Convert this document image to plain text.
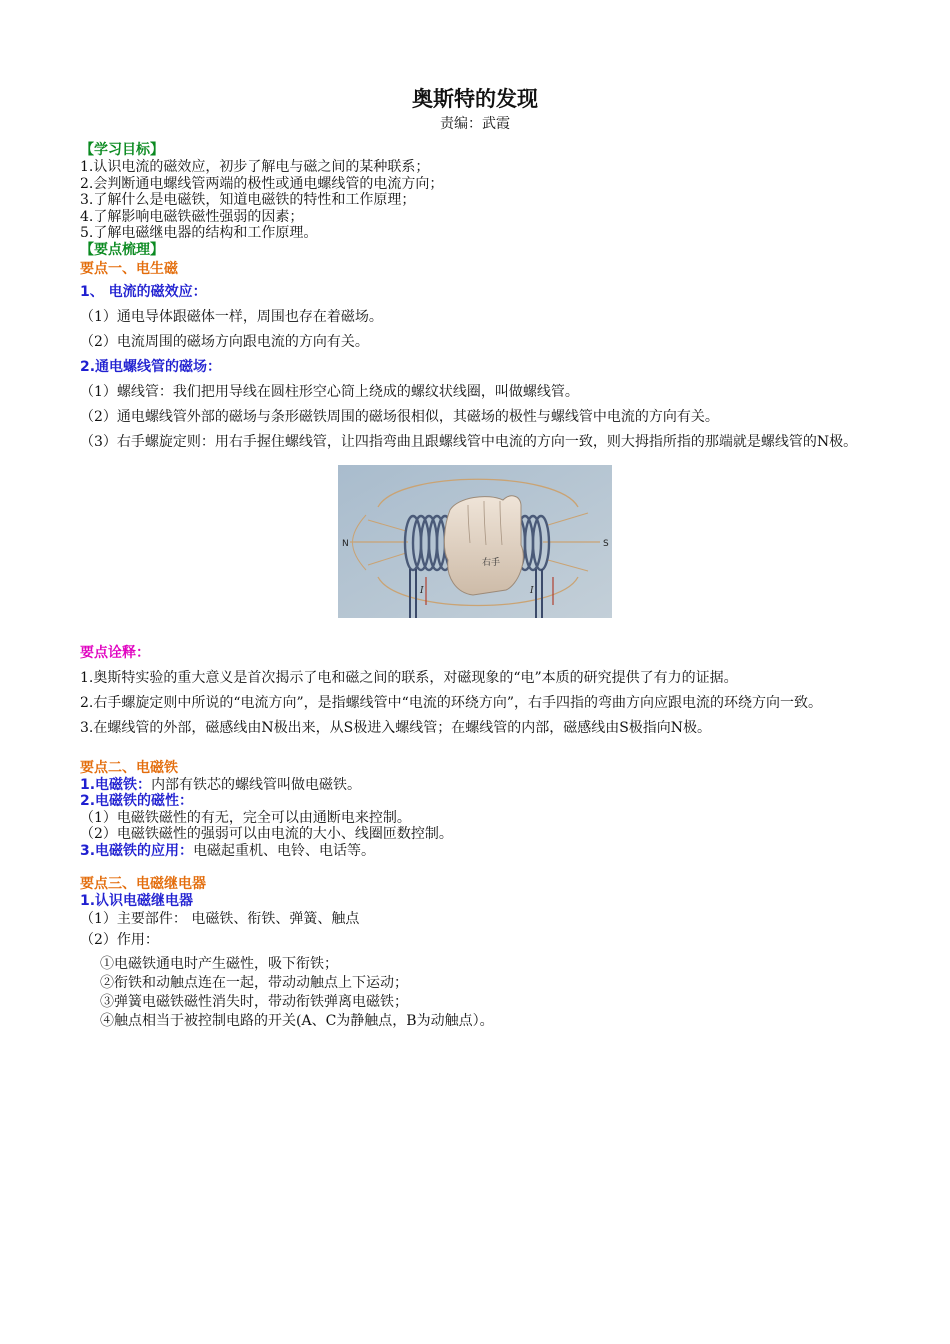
奥斯特的发现
责编：武霞
【学习目标】

1.认识电流的磁效应，初步了解电与磁之间的某种联系；

2.会判断通电螺线管两端的极性或通电螺线管的电流方向；

3.了解什么是电磁铁，知道电磁铁的特性和工作原理；

4.了解影响电磁铁磁性强弱的因素；

5.了解电磁继电器的结构和工作原理。

【要点梳理】
要点一、电生磁
1、 电流的磁效应：

（1）通电导体跟磁体一样，周围也存在着磁场。

（2）电流周围的磁场方向跟电流的方向有关。

2.通电螺线管的磁场：

（1）螺线管：我们把用导线在圆柱形空心筒上绕成的螺纹状线圈，叫做螺线管。

（2）通电螺线管外部的磁场与条形磁铁周围的磁场很相似，其磁场的极性与螺线管中电流的方向有关。

（3）右手螺旋定则：用右手握住螺线管，让四指弯曲且跟螺线管中电流的方向一致，则大拇指所指的那端就是螺线管的N极。

N	S
右手
I	I
要点诠释：

1.奥斯特实验的重大意义是首次揭示了电和磁之间的联系，对磁现象的“电”本质的研究提供了有力的证据。

2.右手螺旋定则中所说的“电流方向”，是指螺线管中“电流的环绕方向”，右手四指的弯曲方向应跟电流的环绕方向一致。

3.在螺线管的外部，磁感线由N极出来，从S极进入螺线管；在螺线管的内部，磁感线由S极指向N极。

要点二、电磁铁

1.电磁铁：内部有铁芯的螺线管叫做电磁铁。

2.电磁铁的磁性：

（1）电磁铁磁性的有无，完全可以由通断电来控制。

（2）电磁铁磁性的强弱可以由电流的大小、线圈匝数控制。

3.电磁铁的应用：电磁起重机、电铃、电话等。

要点三、电磁继电器
1.认识电磁继电器

（1）主要部件： 电磁铁、衔铁、弹簧、触点

（2）作用：

①电磁铁通电时产生磁性，吸下衔铁；

②衔铁和动触点连在一起，带动动触点上下运动；

③弹簧电磁铁磁性消失时，带动衔铁弹离电磁铁；

④触点相当于被控制电路的开关(A、C为静触点，B为动触点）。
